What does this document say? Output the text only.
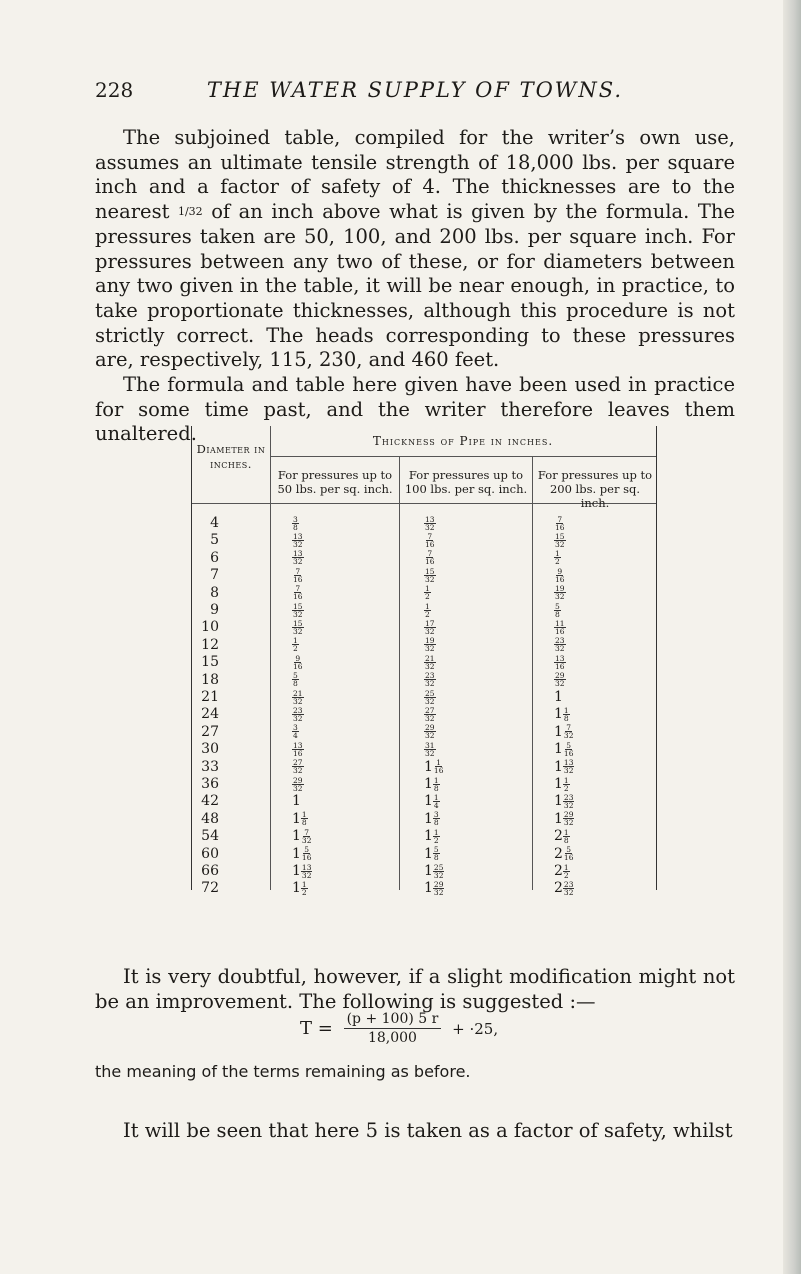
228	THE WATER SUPPLY OF TOWNS.

The subjoined table, compiled for the writer’s own use, assumes an ultimate tensile strength of 18,000 lbs. per square inch and a factor of safety of 4. The thicknesses are to the nearest 1/32 of an inch above what is given by the formula. The pressures taken are 50, 100, and 200 lbs. per square inch. For pressures between any two of these, or for diameters between any two given in the table, it will be near enough, in practice, to take proportionate thicknesses, although this procedure is not strictly correct. The heads corresponding to these pressures are, respectively, 115, 230, and 460 feet.

The formula and table here given have been used in practice for some time past, and the writer therefore leaves them unaltered.	Thickness of Pipe in inches.
Diameter in inches.
For pressures up to 50 lbs. per sq. inch.
For pressures up to 100 lbs. per sq. inch.
For pressures up to 200 lbs. per sq. inch.
4	$\frac{3}{8}$	$\frac{13}{32}$	$\frac{7}{16}$
5	$\frac{13}{32}$	$\frac{7}{16}$	$\frac{15}{32}$
6	$\frac{13}{32}$	$\frac{7}{16}$	$\frac{1}{2}$
7	$\frac{7}{16}$	$\frac{15}{32}$	$\frac{9}{16}$
8	$\frac{7}{16}$	$\frac{1}{2}$	$\frac{19}{32}$
9	$\frac{15}{32}$	$\frac{1}{2}$	$\frac{5}{8}$
10	$\frac{15}{32}$	$\frac{17}{32}$	$\frac{11}{16}$
12	$\frac{1}{2}$	$\frac{19}{32}$	$\frac{23}{32}$
15	$\frac{9}{16}$	$\frac{21}{32}$	$\frac{13}{16}$
18	$\frac{5}{8}$	$\frac{23}{32}$	$\frac{29}{32}$
21	$\frac{21}{32}$	$\frac{25}{32}$	1
24	$\frac{23}{32}$	$\frac{27}{32}$	$1 \frac{1}{8}$
27	$\frac{3}{4}$	$\frac{29}{32}$	$1 \frac{7}{32}$
30	$\frac{13}{16}$	$\frac{31}{32}$	$1 \frac{5}{16}$
33	$\frac{27}{32}$	$1 \frac{1}{16}$	$1 \frac{13}{32}$
36	$\frac{29}{32}$	$1 \frac{1}{8}$	$1 \frac{1}{2}$
42	1	$1 \frac{1}{4}$	$1 \frac{23}{32}$
48	$1 \frac{1}{8}$	$1 \frac{3}{8}$	$1 \frac{29}{32}$
54	$1 \frac{7}{32}$	$1 \frac{1}{2}$	$2 \frac{1}{8}$
60	$1 \frac{5}{16}$	$1 \frac{5}{8}$	$2 \frac{5}{16}$
66	$1 \frac{13}{32}$	$1 \frac{25}{32}$	$2 \frac{1}{2}$
72	$1 \frac{1}{2}$	$1 \frac{29}{32}$	$2 \frac{23}{32}$

It is very doubtful, however, if a slight modification might not be an improvement. The following is suggested :—

$T = \frac{(p + 100) 5 r}{18,000} + \cdot 25$,

the meaning of the terms remaining as before.

It will be seen that here 5 is taken as a factor of safety, whilst
